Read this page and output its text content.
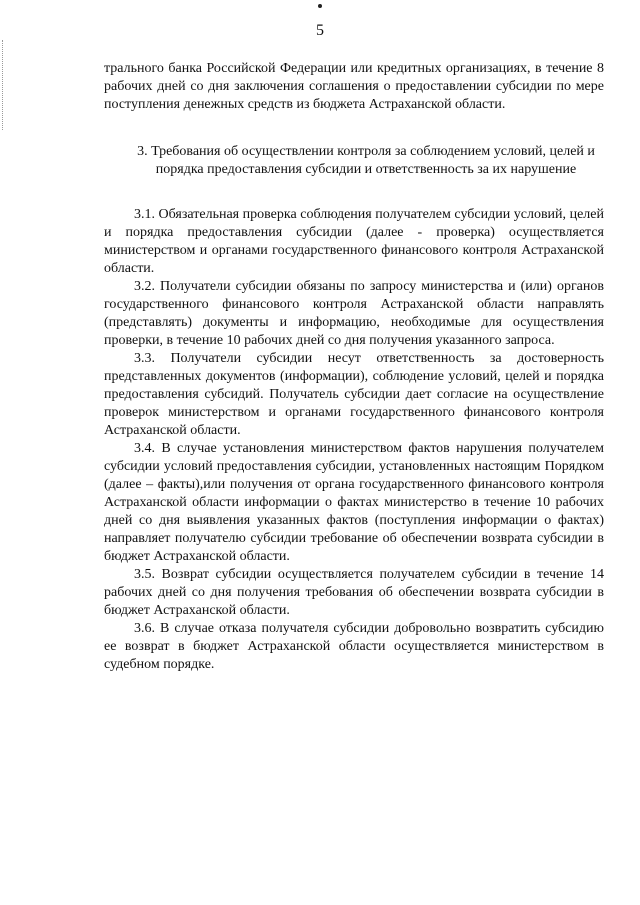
5

трального банка Российской Федерации или кредитных организациях, в течение 8 рабочих дней со дня заключения соглашения о предоставлении субсидии по мере поступления денежных средств из бюджета Астраханской области.

3. Требования об осуществлении контроля за соблюдением условий, целей и порядка предоставления субсидии и ответственность за их нарушение

3.1. Обязательная проверка соблюдения получателем субсидии условий, целей и порядка предоставления субсидии (далее - проверка) осуществляется министерством и органами государственного финансового контроля Астраханской области.

3.2. Получатели субсидии обязаны по запросу министерства и (или) органов государственного финансового контроля Астраханской области направлять (представлять) документы и информацию, необходимые для осуществления проверки, в течение 10 рабочих дней со дня получения указанного запроса.

3.3. Получатели субсидии несут ответственность за достоверность представленных документов (информации), соблюдение условий, целей и порядка предоставления субсидий. Получатель субсидии дает согласие на осуществление проверок министерством и органами государственного финансового контроля Астраханской области.

3.4. В случае установления министерством фактов нарушения получателем субсидии условий предоставления субсидии, установленных настоящим Порядком (далее – факты),или получения от органа государственного финансового контроля Астраханской области информации о фактах министерство в течение 10 рабочих дней со дня выявления указанных фактов (поступления информации о фактах) направляет получателю субсидии требование об обеспечении возврата субсидии в бюджет Астраханской области.

3.5. Возврат субсидии осуществляется получателем субсидии в течение 14 рабочих дней со дня получения требования об обеспечении возврата субсидии в бюджет Астраханской области.

3.6. В случае отказа получателя субсидии добровольно возвратить субсидию ее возврат в бюджет Астраханской области осуществляется министерством в судебном порядке.
